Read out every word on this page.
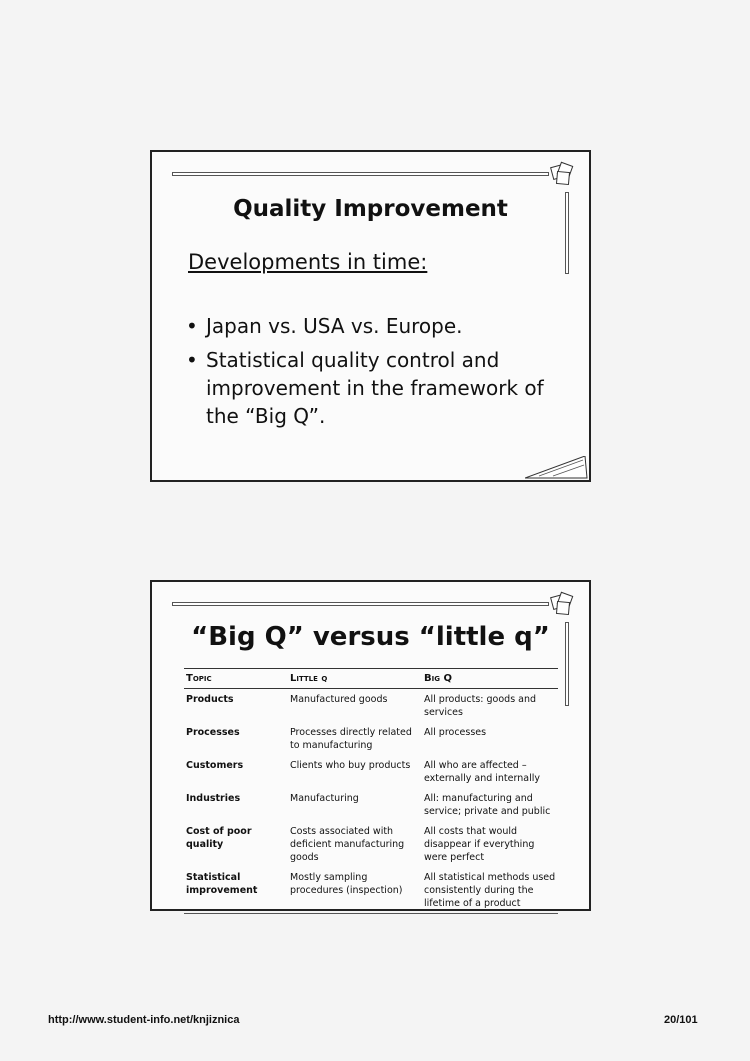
Quality Improvement
Developments in time:
• Japan vs. USA vs. Europe.
• Statistical quality control and improvement in the framework of the “Big Q”.
“Big Q” versus “little q”
Topic	Little q	Big Q
Products	Manufactured goods	All products: goods and services
Processes	Processes directly related to manufacturing	All processes
Customers	Clients who buy products	All who are affected – externally and internally
Industries	Manufacturing	All: manufacturing and service; private and public
Cost of poor quality	Costs associated with deficient manufacturing goods	All costs that would disappear if everything were perfect
Statistical improvement	Mostly sampling procedures (inspection)	All statistical methods used consistently during the lifetime of a product
http://www.student-info.net/knjiznica	20/101
